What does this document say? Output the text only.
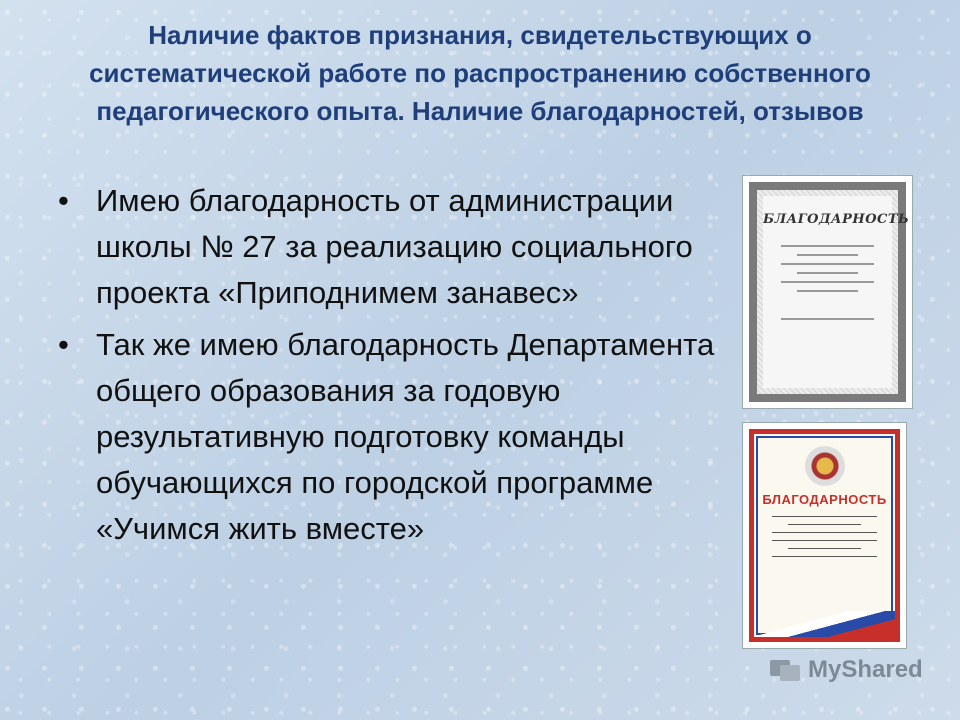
Наличие фактов признания, свидетельствующих о систематической работе по распространению собственного педагогического опыта. Наличие благодарностей, отзывов
• Имею благодарность от администрации школы № 27 за реализацию социального проекта «Приподнимем занавес»
• Так же имею благодарность Департамента общего образования за годовую результативную подготовку команды обучающихся по городской программе «Учимся жить вместе»
БЛАГОДАРНОСТЬ
БЛАГОДАРНОСТЬ
MyShared
